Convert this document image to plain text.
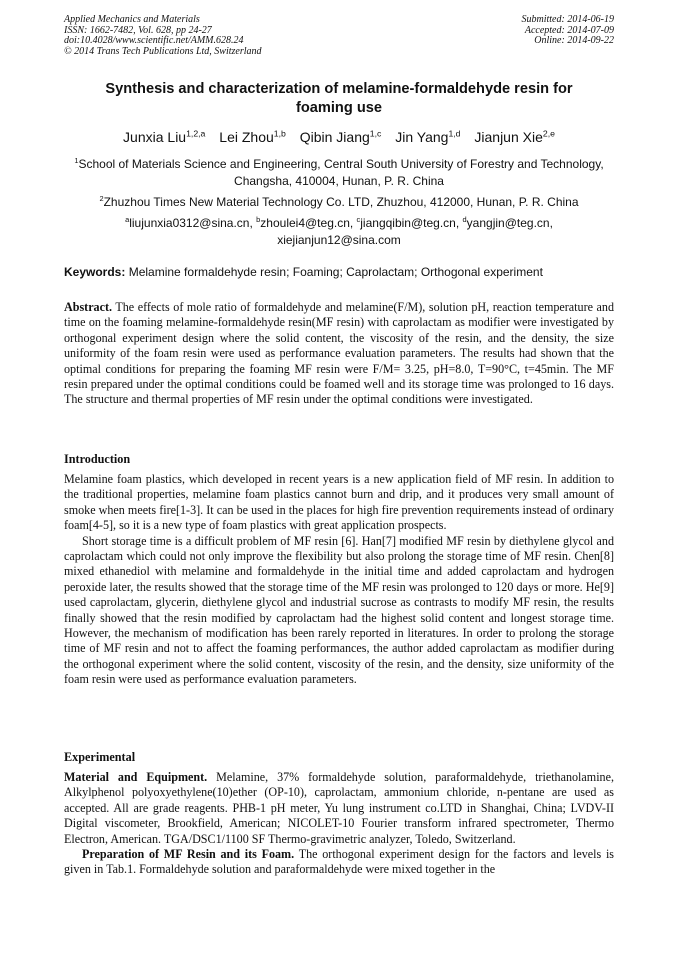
Applied Mechanics and Materials
ISSN: 1662-7482, Vol. 628, pp 24-27
doi:10.4028/www.scientific.net/AMM.628.24
© 2014 Trans Tech Publications Ltd, Switzerland
Submitted: 2014-06-19
Accepted: 2014-07-09
Online: 2014-09-22
Synthesis and characterization of melamine-formaldehyde resin for
foaming use
Junxia Liu$^{1,2,a}$ Lei Zhou$^{1,b}$ Qibin Jiang$^{1,c}$ Jin Yang$^{1,d}$ Jianjun Xie$^{2,e}$
$^1$School of Materials Science and Engineering, Central South University of Forestry and Technology,
Changsha, 410004, Hunan, P. R. China
$^2$Zhuzhou Times New Material Technology Co. LTD, Zhuzhou, 412000, Hunan, P. R. China
$^a$liujunxia0312@sina.cn, $^b$zhoulei4@teg.cn, $^c$jiangqibin@teg.cn, $^d$yangjin@teg.cn,
xiejianjun12@sina.com
Keywords: Melamine formaldehyde resin; Foaming; Caprolactam; Orthogonal experiment

Abstract. The effects of mole ratio of formaldehyde and melamine(F/M), solution pH, reaction temperature and time on the foaming melamine-formaldehyde resin(MF resin) with caprolactam as modifier were investigated by orthogonal experiment design where the solid content, the viscosity of the resin, and the density, the size uniformity of the foam resin were used as performance evaluation parameters. The results had shown that the optimal conditions for preparing the foaming MF resin were F/M= 3.25, pH=8.0, T=90°C, t=45min. The MF resin prepared under the optimal conditions could be foamed well and its storage time was prolonged to 16 days. The structure and thermal properties of MF resin under the optimal conditions were investigated.

Introduction

Melamine foam plastics, which developed in recent years is a new application field of MF resin. In addition to the traditional properties, melamine foam plastics cannot burn and drip, and it produces very small amount of smoke when meets fire[1-3]. It can be used in the places for high fire prevention requirements instead of ordinary foam[4-5], so it is a new type of foam plastics with great application prospects.

Short storage time is a difficult problem of MF resin [6]. Han[7] modified MF resin by diethylene glycol and caprolactam which could not only improve the flexibility but also prolong the storage time of MF resin. Chen[8] mixed ethanediol with melamine and formaldehyde in the initial time and added caprolactam and hydrogen peroxide later, the results showed that the storage time of the MF resin was prolonged to 120 days or more. He[9] used caprolactam, glycerin, diethylene glycol and industrial sucrose as contrasts to modify MF resin, the results finally showed that the resin modified by caprolactam had the highest solid content and longest storage time. However, the mechanism of modification has been rarely reported in literatures. In order to prolong the storage time of MF resin and not to affect the foaming performances, the author added caprolactam as modifier during the orthogonal experiment where the solid content, viscosity of the resin, and the density, size uniformity of the foam resin were used as performance evaluation parameters.

Experimental

Material and Equipment. Melamine, 37% formaldehyde solution, paraformaldehyde, triethanolamine, Alkylphenol polyoxyethylene(10)ether (OP-10), caprolactam, ammonium chloride, n-pentane are used as accepted. All are grade reagents. PHB-1 pH meter, Yu lung instrument co.LTD in Shanghai, China; LVDV-II Digital viscometer, Brookfield, American; NICOLET-10 Fourier transform infrared spectrometer, Thermo Electron, American. TGA/DSC1/1100 SF Thermo-gravimetric analyzer, Toledo, Switzerland.

Preparation of MF Resin and its Foam. The orthogonal experiment design for the factors and levels is given in Tab.1. Formaldehyde solution and paraformaldehyde were mixed together in the
